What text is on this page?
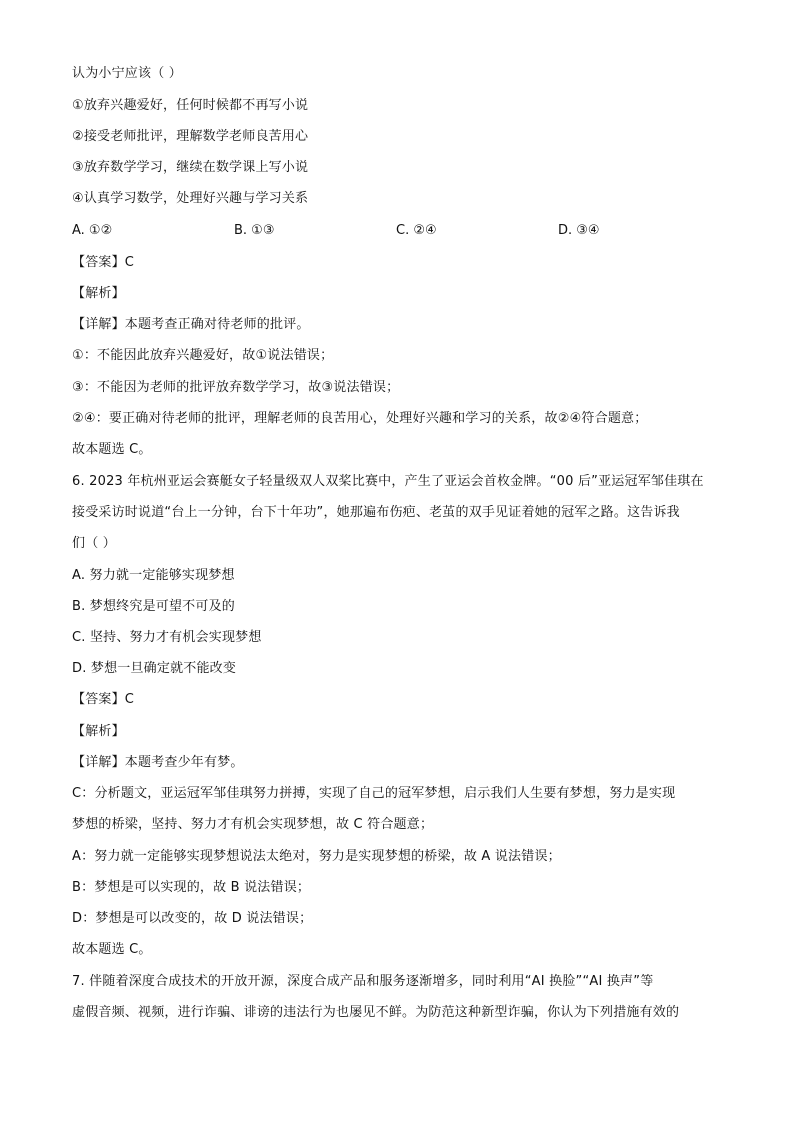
认为小宁应该（ ）
①放弃兴趣爱好，任何时候都不再写小说
②接受老师批评，理解数学老师良苦用心
③放弃数学学习，继续在数学课上写小说
④认真学习数学，处理好兴趣与学习关系
A. ①②	B. ①③	C. ②④	D. ③④
【答案】C
【解析】
【详解】本题考查正确对待老师的批评。
①：不能因此放弃兴趣爱好，故①说法错误；
③：不能因为老师的批评放弃数学学习，故③说法错误；
②④：要正确对待老师的批评，理解老师的良苦用心，处理好兴趣和学习的关系，故②④符合题意；
故本题选 C。
6. 2023 年杭州亚运会赛艇女子轻量级双人双桨比赛中，产生了亚运会首枚金牌。“00 后”亚运冠军邹佳琪在
接受采访时说道“台上一分钟，台下十年功”，她那遍布伤疤、老茧的双手见证着她的冠军之路。这告诉我
们（ ）
A. 努力就一定能够实现梦想
B. 梦想终究是可望不可及的
C. 坚持、努力才有机会实现梦想
D. 梦想一旦确定就不能改变
【答案】C
【解析】
【详解】本题考查少年有梦。
C：分析题文，亚运冠军邹佳琪努力拼搏，实现了自己的冠军梦想，启示我们人生要有梦想，努力是实现
梦想的桥梁，坚持、努力才有机会实现梦想，故 C 符合题意；
A：努力就一定能够实现梦想说法太绝对，努力是实现梦想的桥梁，故 A 说法错误；
B：梦想是可以实现的，故 B 说法错误；
D：梦想是可以改变的，故 D 说法错误；
故本题选 C。
7. 伴随着深度合成技术的开放开源，深度合成产品和服务逐渐增多，同时利用“AI 换脸”“AI 换声”等
虚假音频、视频，进行诈骗、诽谤的违法行为也屡见不鲜。为防范这种新型诈骗，你认为下列措施有效的
